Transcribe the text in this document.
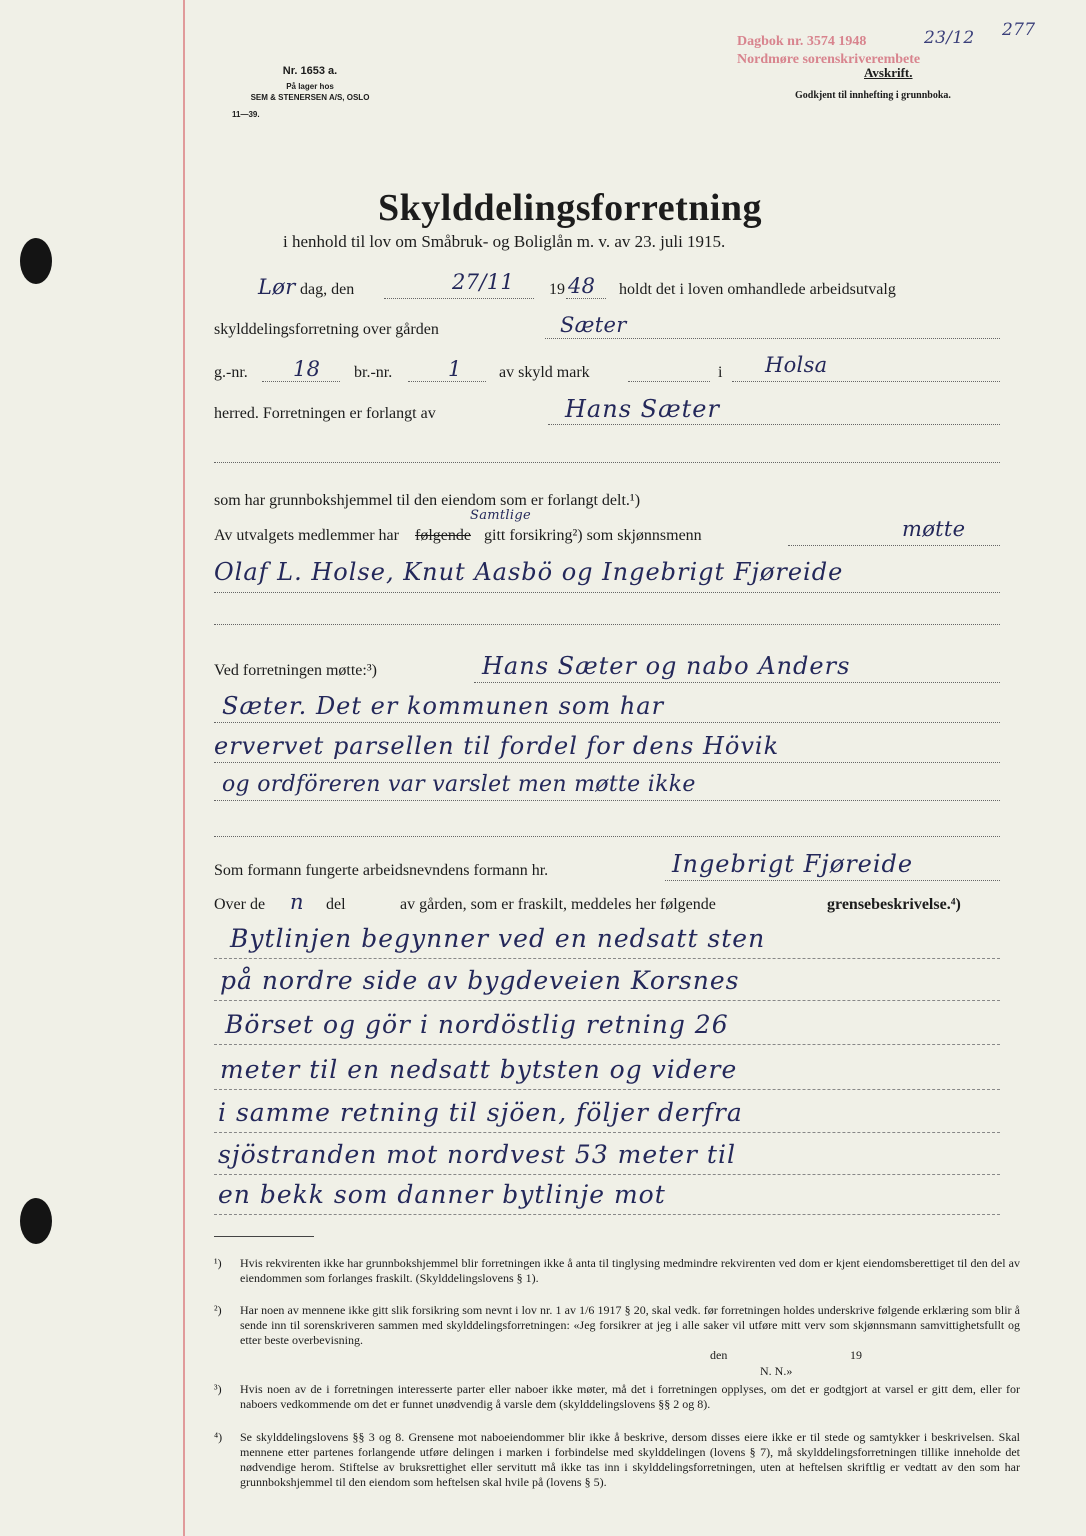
Nr. 1653 a.
På lager hos
SEM & STENERSEN A/S, OSLO
11—39.
Dagbok nr. 3574 1948	23/12 277
Nordmøre sorenskriverembete
Avskrift.
Godkjent til innhefting i grunnboka.
Skylddelingsforretning
i henhold til lov om Småbruk- og Boliglån m. v. av 23. juli 1915.
Lør dag, den	27/11 19 48 holdt det i loven omhandlede arbeidsutvalg
skylddelingsforretning over gården	Sæter
g.-nr. 18 br.-nr.	1 av skyld mark	i Holsa
herred. Forretningen er forlangt av	Hans Sæter
som har grunnbokshjemmel til den eiendom som er forlangt delt.¹)
Av utvalgets medlemmer har følgende
Samtlige
gitt forsikring²) som skjønnsmenn	møtte
Olaf L. Holse, Knut Aasbö og Ingebrigt Fjøreide
Ved forretningen møtte:³)	Hans Sæter og nabo Anders
Sæter. Det er kommunen som har
ervervet parsellen til fordel for dens Hövik
og ordföreren var varslet men møtte ikke
Som formann fungerte arbeidsnevndens formann hr.	Ingebrigt Fjøreide
Over de n del	av gården, som er fraskilt, meddeles her følgende	grensebeskrivelse.⁴)
Bytlinjen begynner ved en nedsatt sten
på nordre side av bygdeveien Korsnes
Börset og gör i nordöstlig retning 26
meter til en nedsatt bytsten og videre
i samme retning til sjöen, följer derfra
sjöstranden mot nordvest 53 meter til
en bekk som danner bytlinje mot
¹) Hvis rekvirenten ikke har grunnbokshjemmel blir forretningen ikke å anta til tinglysing medmindre rekvirenten ved dom er kjent eiendomsberettiget til den del av eiendommen som forlanges fraskilt. (Skylddelingslovens § 1).
²) Har noen av mennene ikke gitt slik forsikring som nevnt i lov nr. 1 av 1/6 1917 § 20, skal vedk. før forretningen holdes underskrive følgende erklæring som blir å sende inn til sorenskriveren sammen med skylddelingsforretningen: «Jeg forsikrer at jeg i alle saker vil utføre mitt verv som skjønnsmann samvittighetsfullt og etter beste overbevisning.
den	19
N. N.»
³) Hvis noen av de i forretningen interesserte parter eller naboer ikke møter, må det i forretningen opplyses, om det er godtgjort at varsel er gitt dem, eller for naboers vedkommende om det er funnet unødvendig å varsle dem (skylddelingslovens §§ 2 og 8).
⁴) Se skylddelingslovens §§ 3 og 8. Grensene mot naboeiendommer blir ikke å beskrive, dersom disses eiere ikke er til stede og samtykker i beskrivelsen. Skal mennene etter partenes forlangende utføre delingen i marken i forbindelse med skylddelingen (lovens § 7), må skylddelingsforretningen tillike inneholde det nødvendige herom. Stiftelse av bruksrettighet eller servitutt må ikke tas inn i skylddelingsforretningen, uten at heftelsen skriftlig er vedtatt av den som har grunnbokshjemmel til den eiendom som heftelsen skal hvile på (lovens § 5).
